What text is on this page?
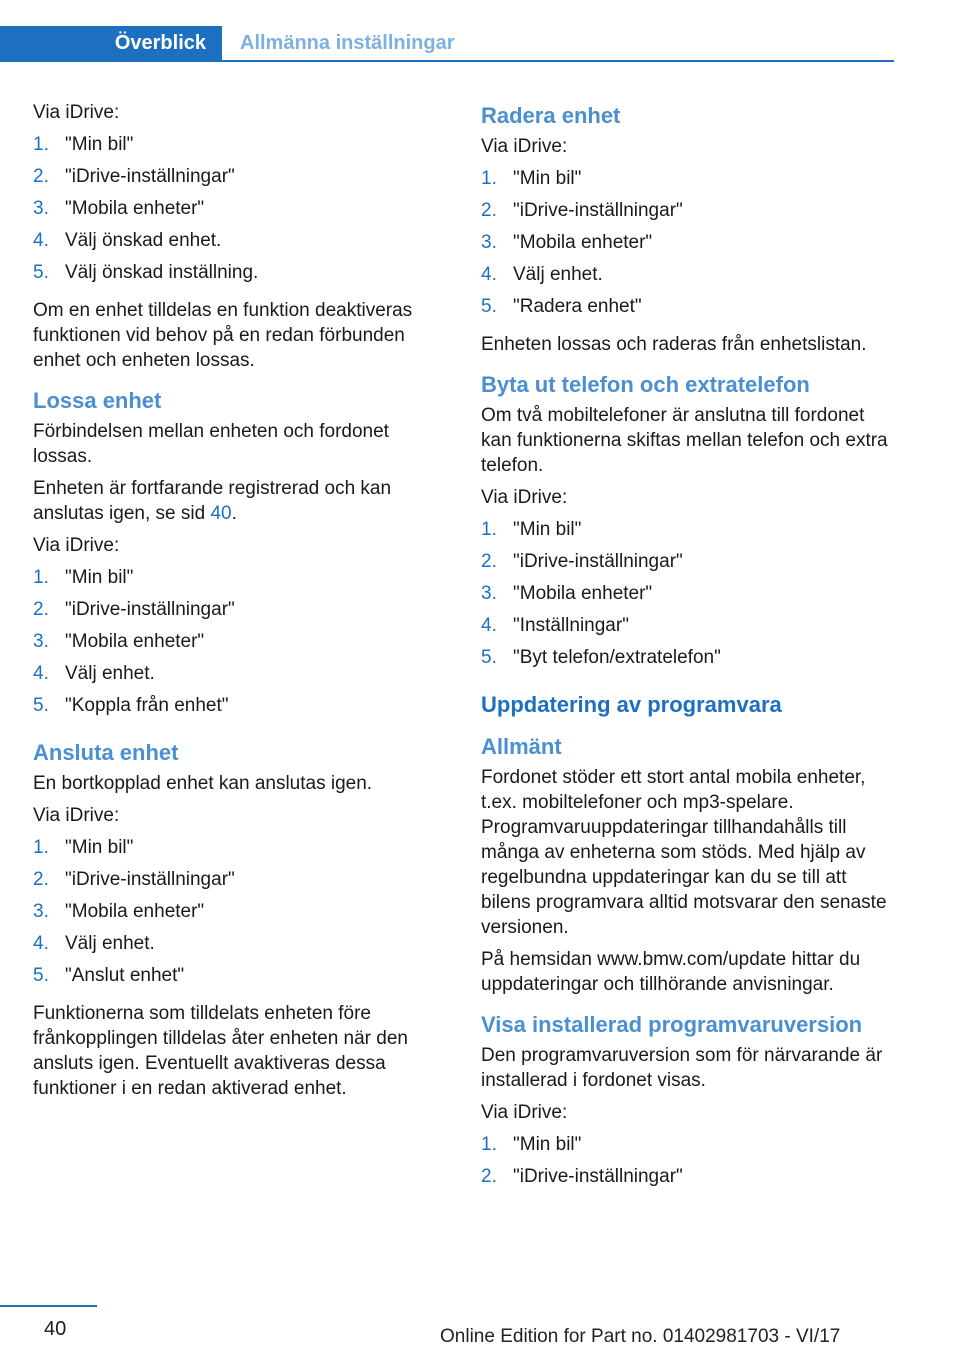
Överblick Allmänna inställningar

Via iDrive:

1. "Min bil"
2. "iDrive-inställningar"
3. "Mobila enheter"
4. Välj önskad enhet.
5. Välj önskad inställning.

Om en enhet tilldelas en funktion deaktiveras funktionen vid behov på en redan förbunden enhet och enheten lossas.

Lossa enhet

Förbindelsen mellan enheten och fordonet lossas.

Enheten är fortfarande registrerad och kan anslutas igen, se sid 40.

Via iDrive:

1. "Min bil"
2. "iDrive-inställningar"
3. "Mobila enheter"
4. Välj enhet.
5. "Koppla från enhet"
Ansluta enhet

En bortkopplad enhet kan anslutas igen.

Via iDrive:

1. "Min bil"
2. "iDrive-inställningar"
3. "Mobila enheter"
4. Välj enhet.
5. "Anslut enhet"

Funktionerna som tilldelats enheten före frånkopplingen tilldelas åter enheten när den ansluts igen. Eventuellt avaktiveras dessa funktioner i en redan aktiverad enhet.

Radera enhet

Via iDrive:

1. "Min bil"
2. "iDrive-inställningar"
3. "Mobila enheter"
4. Välj enhet.
5. "Radera enhet"

Enheten lossas och raderas från enhetslistan.

Byta ut telefon och extratelefon

Om två mobiltelefoner är anslutna till fordonet kan funktionerna skiftas mellan telefon och extra telefon.

Via iDrive:

1. "Min bil"
2. "iDrive-inställningar"
3. "Mobila enheter"
4. "Inställningar"
5. "Byt telefon/extratelefon"
Uppdatering av programvara
Allmänt

Fordonet stöder ett stort antal mobila enheter, t.ex. mobiltelefoner och mp3-spelare. Programvaruuppdateringar tillhandahålls till många av enheterna som stöds. Med hjälp av regelbundna uppdateringar kan du se till att bilens programvara alltid motsvarar den senaste versionen.

På hemsidan www.bmw.com/update hittar du uppdateringar och tillhörande anvisningar.

Visa installerad programvaruversion

Den programvaruversion som för närvarande är installerad i fordonet visas.

Via iDrive:

1. "Min bil"
2. "iDrive-inställningar"
40	Online Edition for Part no. 01402981703 - VI/17
